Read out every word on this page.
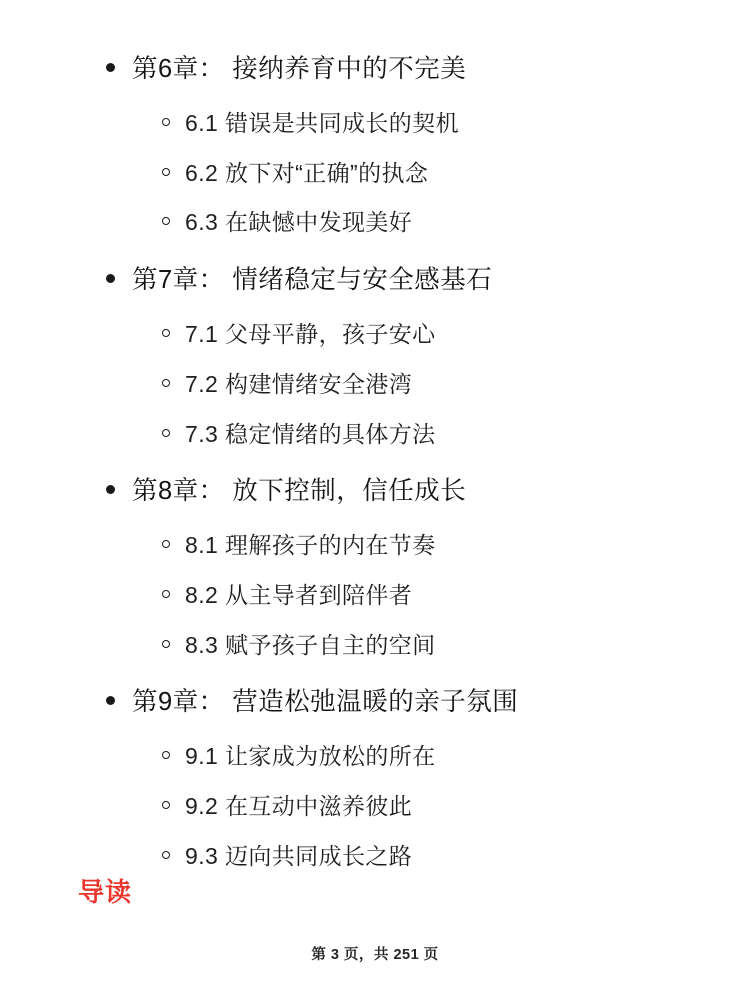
第6章： 接纳养育中的不完美
6.1 错误是共同成长的契机
6.2 放下对“正确”的执念
6.3 在缺憾中发现美好
第7章： 情绪稳定与安全感基石
7.1 父母平静，孩子安心
7.2 构建情绪安全港湾
7.3 稳定情绪的具体方法
第8章： 放下控制，信任成长
8.1 理解孩子的内在节奏
8.2 从主导者到陪伴者
8.3 赋予孩子自主的空间
第9章： 营造松弛温暖的亲子氛围
9.1 让家成为放松的所在
9.2 在互动中滋养彼此
9.3 迈向共同成长之路
导读
第 3 页，共 251 页
